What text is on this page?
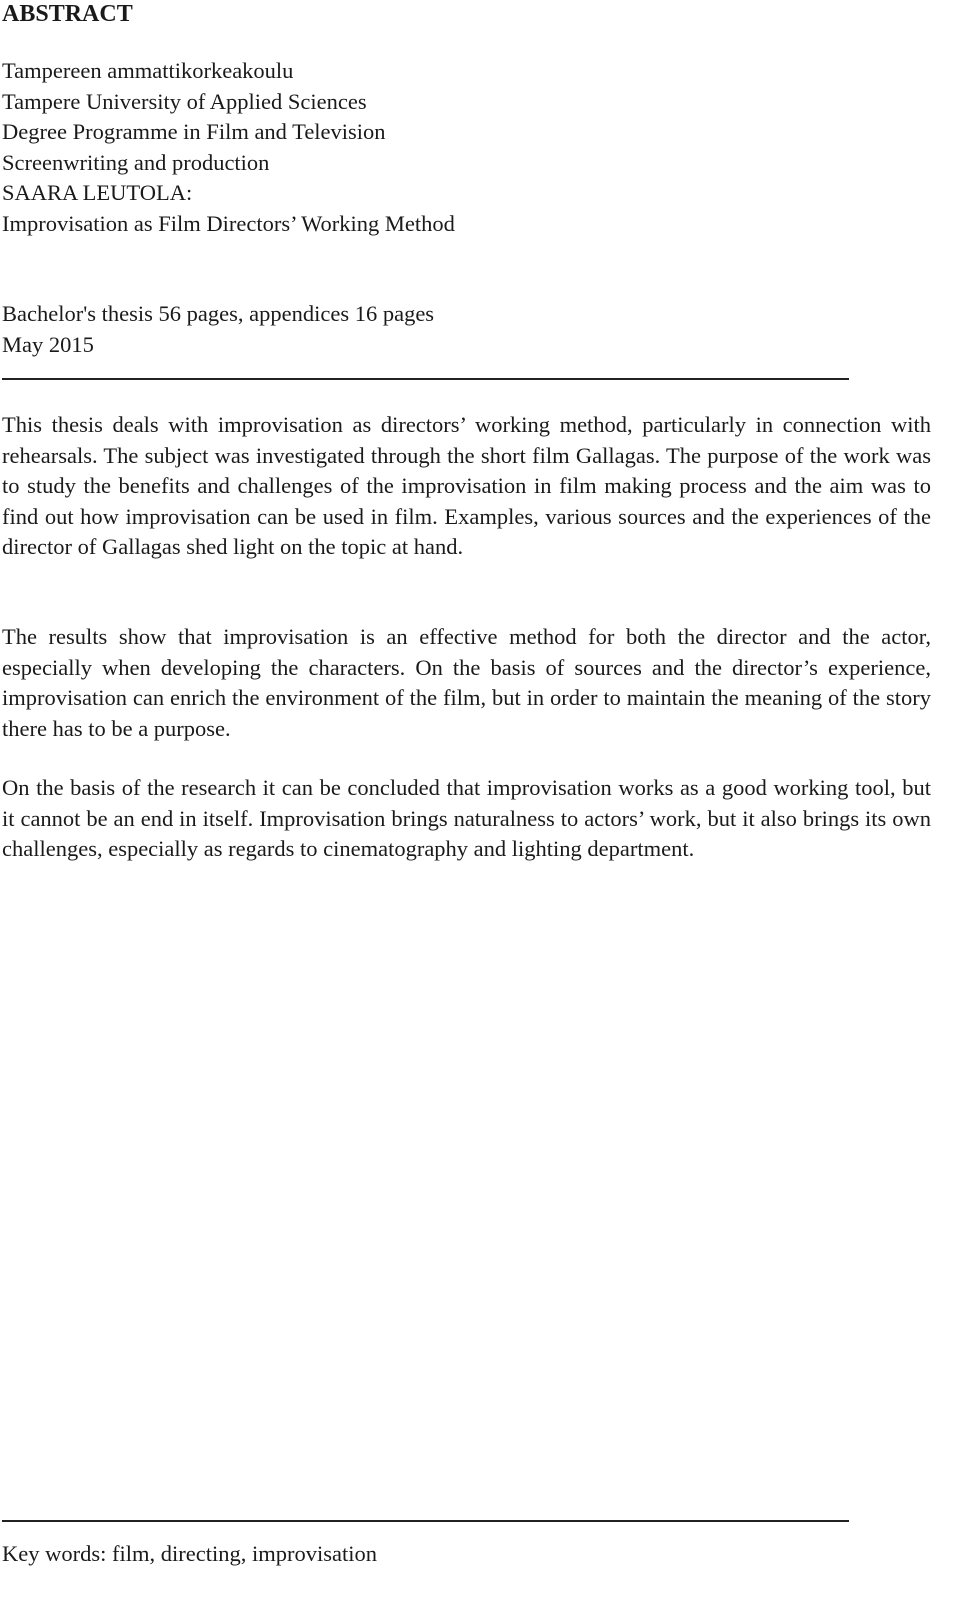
ABSTRACT
Tampereen ammattikorkeakoulu
Tampere University of Applied Sciences
Degree Programme in Film and Television
Screenwriting and production
SAARA LEUTOLA:
Improvisation as Film Directors’ Working Method
Bachelor's thesis 56 pages, appendices 16 pages
May 2015

This thesis deals with improvisation as directors’ working method, particularly in connection with rehearsals. The subject was investigated through the short film Gallagas. The purpose of the work was to study the benefits and challenges of the improvisation in film making process and the aim was to find out how improvisation can be used in film. Examples, various sources and the experiences of the director of Gallagas shed light on the topic at hand.

The results show that improvisation is an effective method for both the director and the actor, especially when developing the characters. On the basis of sources and the director’s experience, improvisation can enrich the environment of the film, but in order to maintain the meaning of the story there has to be a purpose.

On the basis of the research it can be concluded that improvisation works as a good working tool, but it cannot be an end in itself. Improvisation brings naturalness to actors’ work, but it also brings its own challenges, especially as regards to cinematography and lighting department.

Key words: film, directing, improvisation
